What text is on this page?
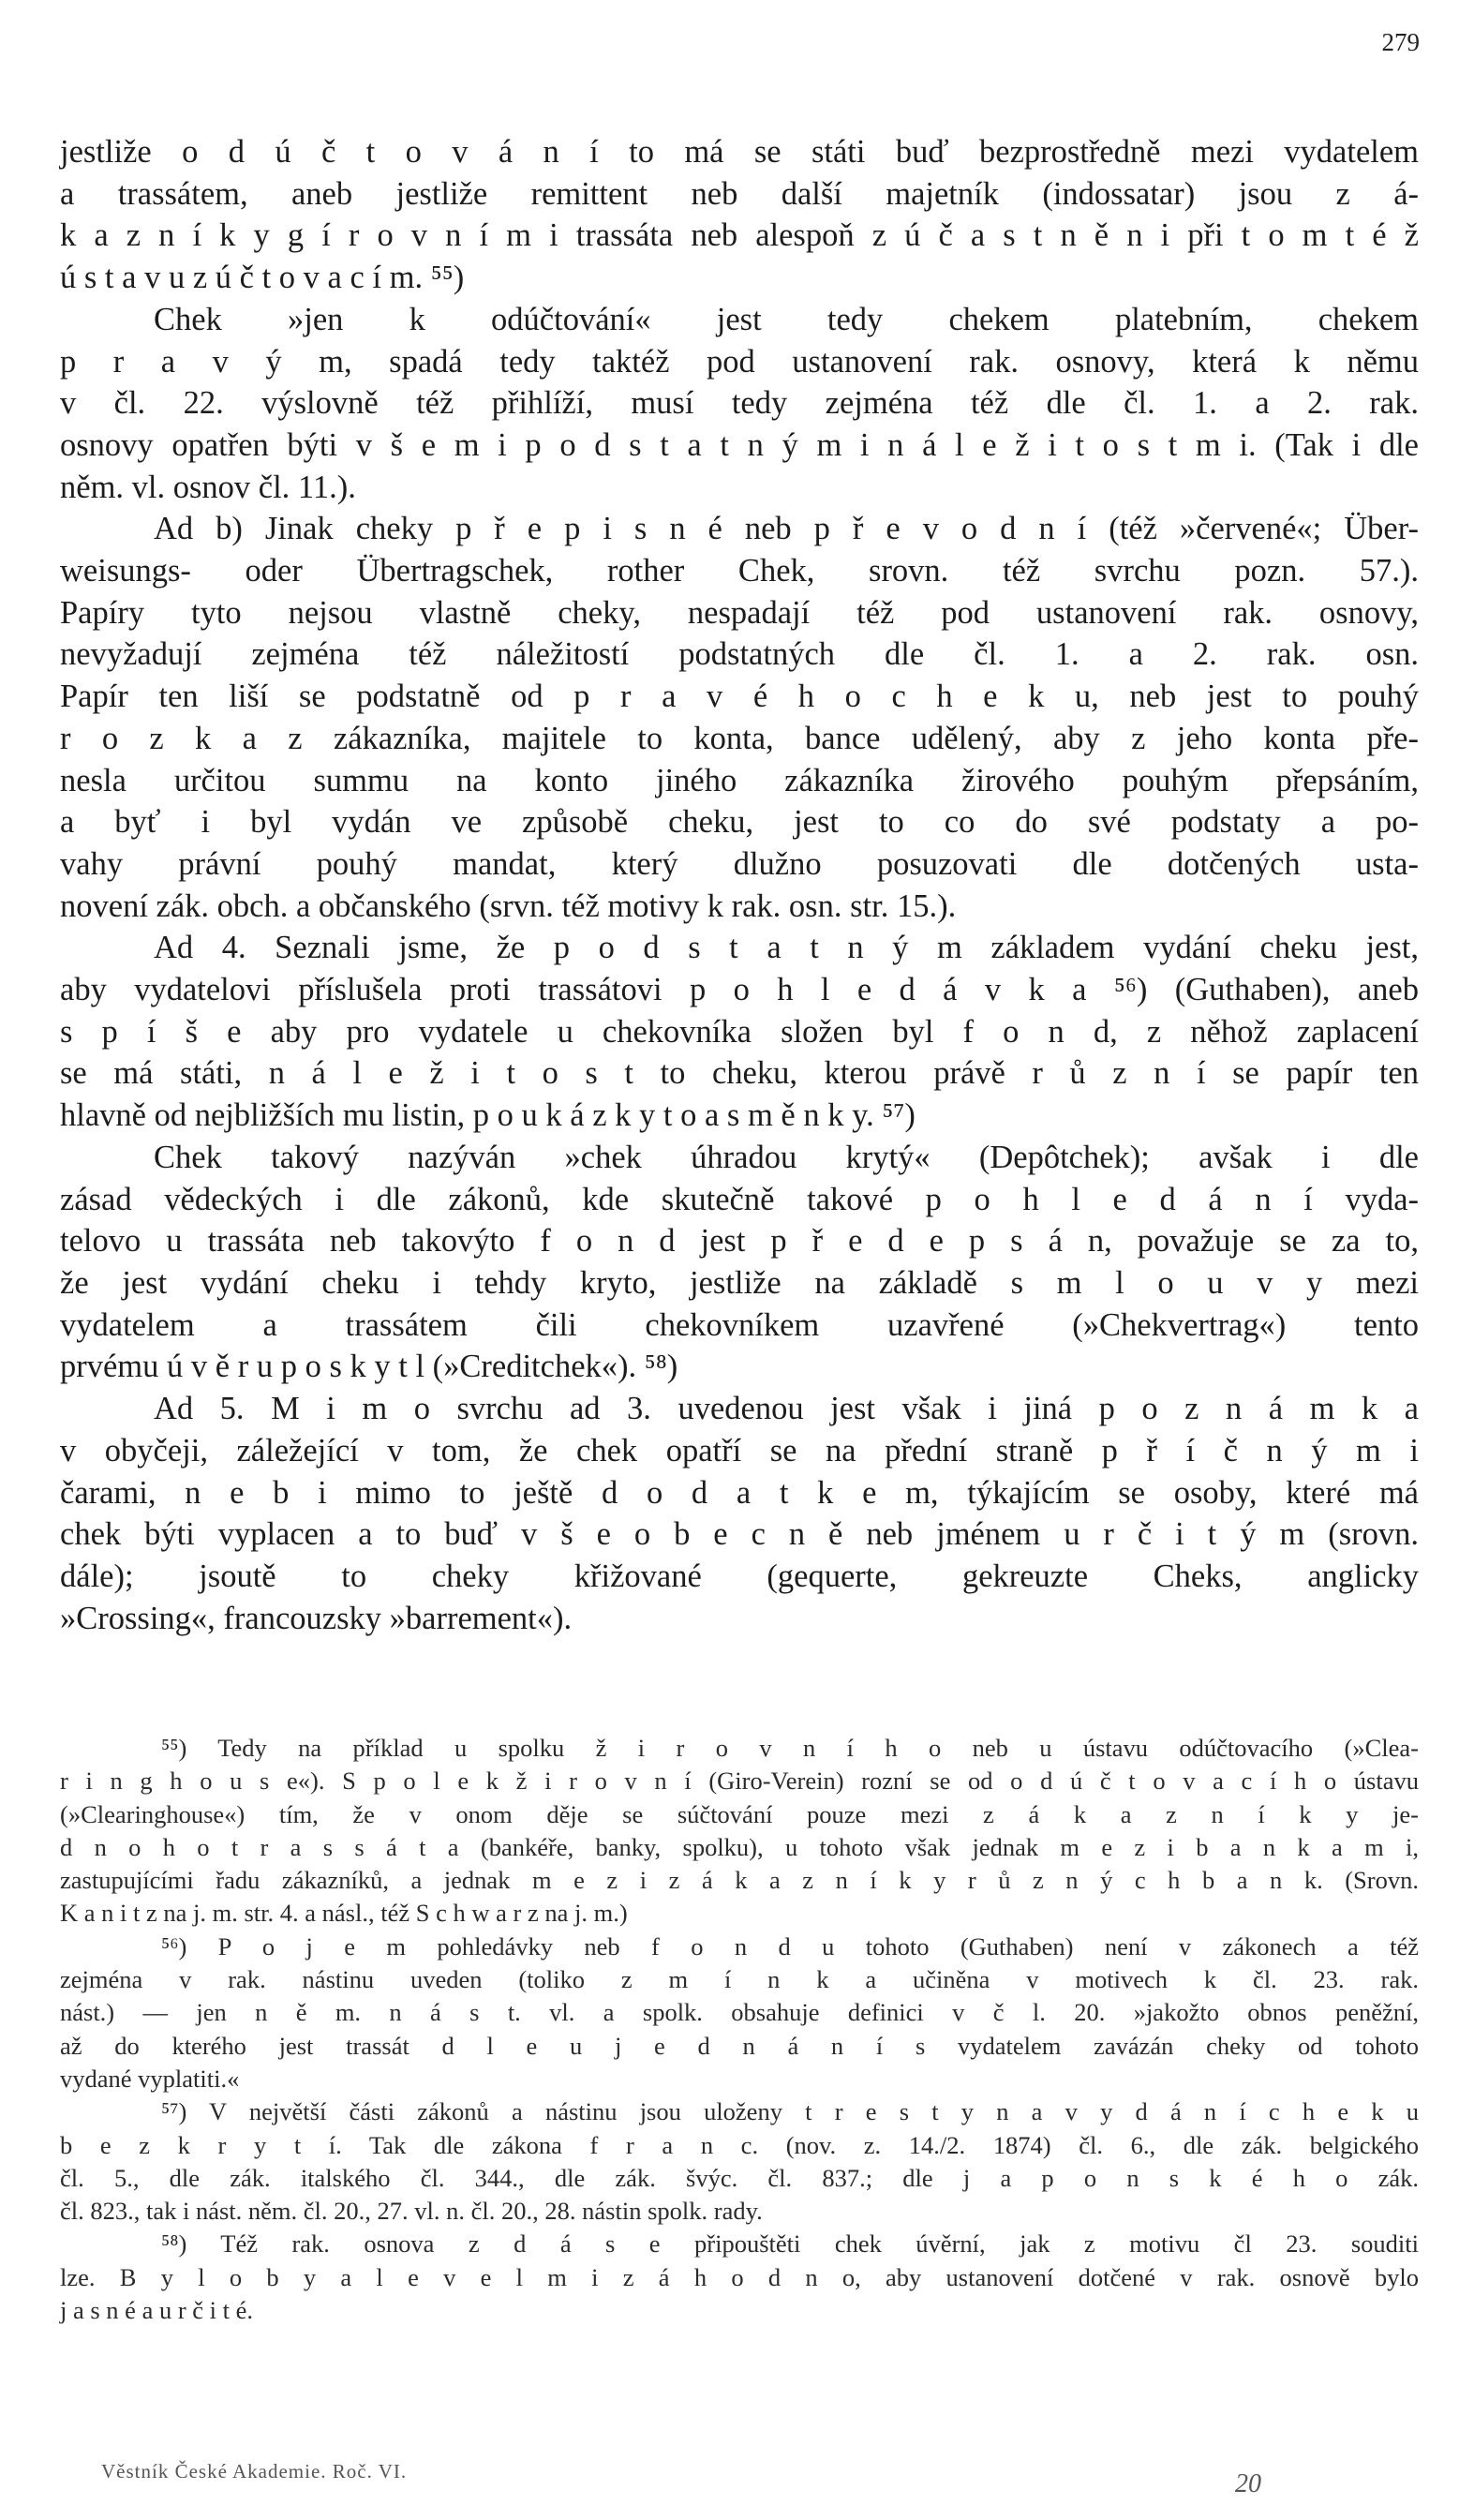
279

jestliže o d ú č t o v á n í to má se státi buď bezprostředně mezi vydatelem

a trassátem, aneb jestliže remittent neb další majetník (indossatar) jsou z á-

k a z n í k y g í r o v n í m i trassáta neb alespoň z ú č a s t n ě n i při t o m t é ž

ú s t a v u z ú č t o v a c í m. ⁵⁵)

Chek »jen k odúčtování« jest tedy chekem platebním, chekem

p r a v ý m, spadá tedy taktéž pod ustanovení rak. osnovy, která k němu

v čl. 22. výslovně též přihlíží, musí tedy zejména též dle čl. 1. a 2. rak.

osnovy opatřen býti v š e m i p o d s t a t n ý m i n á l e ž i t o s t m i. (Tak i dle

něm. vl. osnov čl. 11.).

Ad b) Jinak cheky p ř e p i s n é neb p ř e v o d n í (též »červené«; Über-

weisungs- oder Übertragschek, rother Chek, srovn. též svrchu pozn. 57.).

Papíry tyto nejsou vlastně cheky, nespadají též pod ustanovení rak. osnovy,

nevyžadují zejména též náležitostí podstatných dle čl. 1. a 2. rak. osn.

Papír ten liší se podstatně od p r a v é h o c h e k u, neb jest to pouhý

r o z k a z zákazníka, majitele to konta, bance udělený, aby z jeho konta pře-

nesla určitou summu na konto jiného zákazníka žirového pouhým přepsáním,

a byť i byl vydán ve způsobě cheku, jest to co do své podstaty a po-

vahy právní pouhý mandat, který dlužno posuzovati dle dotčených usta-

novení zák. obch. a občanského (srvn. též motivy k rak. osn. str. 15.).

Ad 4. Seznali jsme, že p o d s t a t n ý m základem vydání cheku jest,

aby vydatelovi příslušela proti trassátovi p o h l e d á v k a ⁵⁶) (Guthaben), aneb

s p í š e aby pro vydatele u chekovníka složen byl f o n d, z něhož zaplacení

se má státi, n á l e ž i t o s t to cheku, kterou právě r ů z n í se papír ten

hlavně od nejbližších mu listin, p o u k á z k y t o a s m ě n k y. ⁵⁷)

Chek takový nazýván »chek úhradou krytý« (Depôtchek); avšak i dle

zásad vědeckých i dle zákonů, kde skutečně takové p o h l e d á n í vyda-

telovo u trassáta neb takovýto f o n d jest p ř e d e p s á n, považuje se za to,

že jest vydání cheku i tehdy kryto, jestliže na základě s m l o u v y mezi

vydatelem a trassátem čili chekovníkem uzavřené (»Chekvertrag«) tento

prvému ú v ě r u p o s k y t l (»Creditchek«). ⁵⁸)

Ad 5. M i m o svrchu ad 3. uvedenou jest však i jiná p o z n á m k a

v obyčeji, záležející v tom, že chek opatří se na přední straně p ř í č n ý m i

čarami, n e b i mimo to ještě d o d a t k e m, týkajícím se osoby, které má

chek býti vyplacen a to buď v š e o b e c n ě neb jménem u r č i t ý m (srovn.

dále); jsoutě to cheky křižované (gequerte, gekreuzte Cheks, anglicky

»Crossing«, francouzsky »barrement«).

⁵⁵) Tedy na příklad u spolku ž i r o v n í h o neb u ústavu odúčtovacího (»Clea-

r i n g h o u s e«). S p o l e k ž i r o v n í (Giro-Verein) rozní se od o d ú č t o v a c í h o ústavu

(»Clearinghouse«) tím, že v onom děje se súčtování pouze mezi z á k a z n í k y je-

d n o h o t r a s s á t a (bankéře, banky, spolku), u tohoto však jednak m e z i b a n k a m i,

zastupujícími řadu zákazníků, a jednak m e z i z á k a z n í k y r ů z n ý c h b a n k. (Srovn.

K a n i t z na j. m. str. 4. a násl., též S c h w a r z na j. m.)

⁵⁶) P o j e m pohledávky neb f o n d u tohoto (Guthaben) není v zákonech a též

zejména v rak. nástinu uveden (toliko z m í n k a učiněna v motivech k čl. 23. rak.

nást.) — jen n ě m. n á s t. vl. a spolk. obsahuje definici v č l. 20. »jakožto obnos peněžní,

až do kterého jest trassát d l e u j e d n á n í s vydatelem zavázán cheky od tohoto

vydané vyplatiti.«

⁵⁷) V největší části zákonů a nástinu jsou uloženy t r e s t y n a v y d á n í c h e k u

b e z k r y t í. Tak dle zákona f r a n c. (nov. z. 14./2. 1874) čl. 6., dle zák. belgického

čl. 5., dle zák. italského čl. 344., dle zák. švýc. čl. 837.; dle j a p o n s k é h o zák.

čl. 823., tak i nást. něm. čl. 20., 27. vl. n. čl. 20., 28. nástin spolk. rady.

⁵⁸) Též rak. osnova z d á s e připouštěti chek úvěrní, jak z motivu čl 23. souditi

lze. B y l o b y a l e v e l m i z á h o d n o, aby ustanovení dotčené v rak. osnově bylo

j a s n é a u r č i t é.

Věstník České Akademie. Roč. VI.	20
